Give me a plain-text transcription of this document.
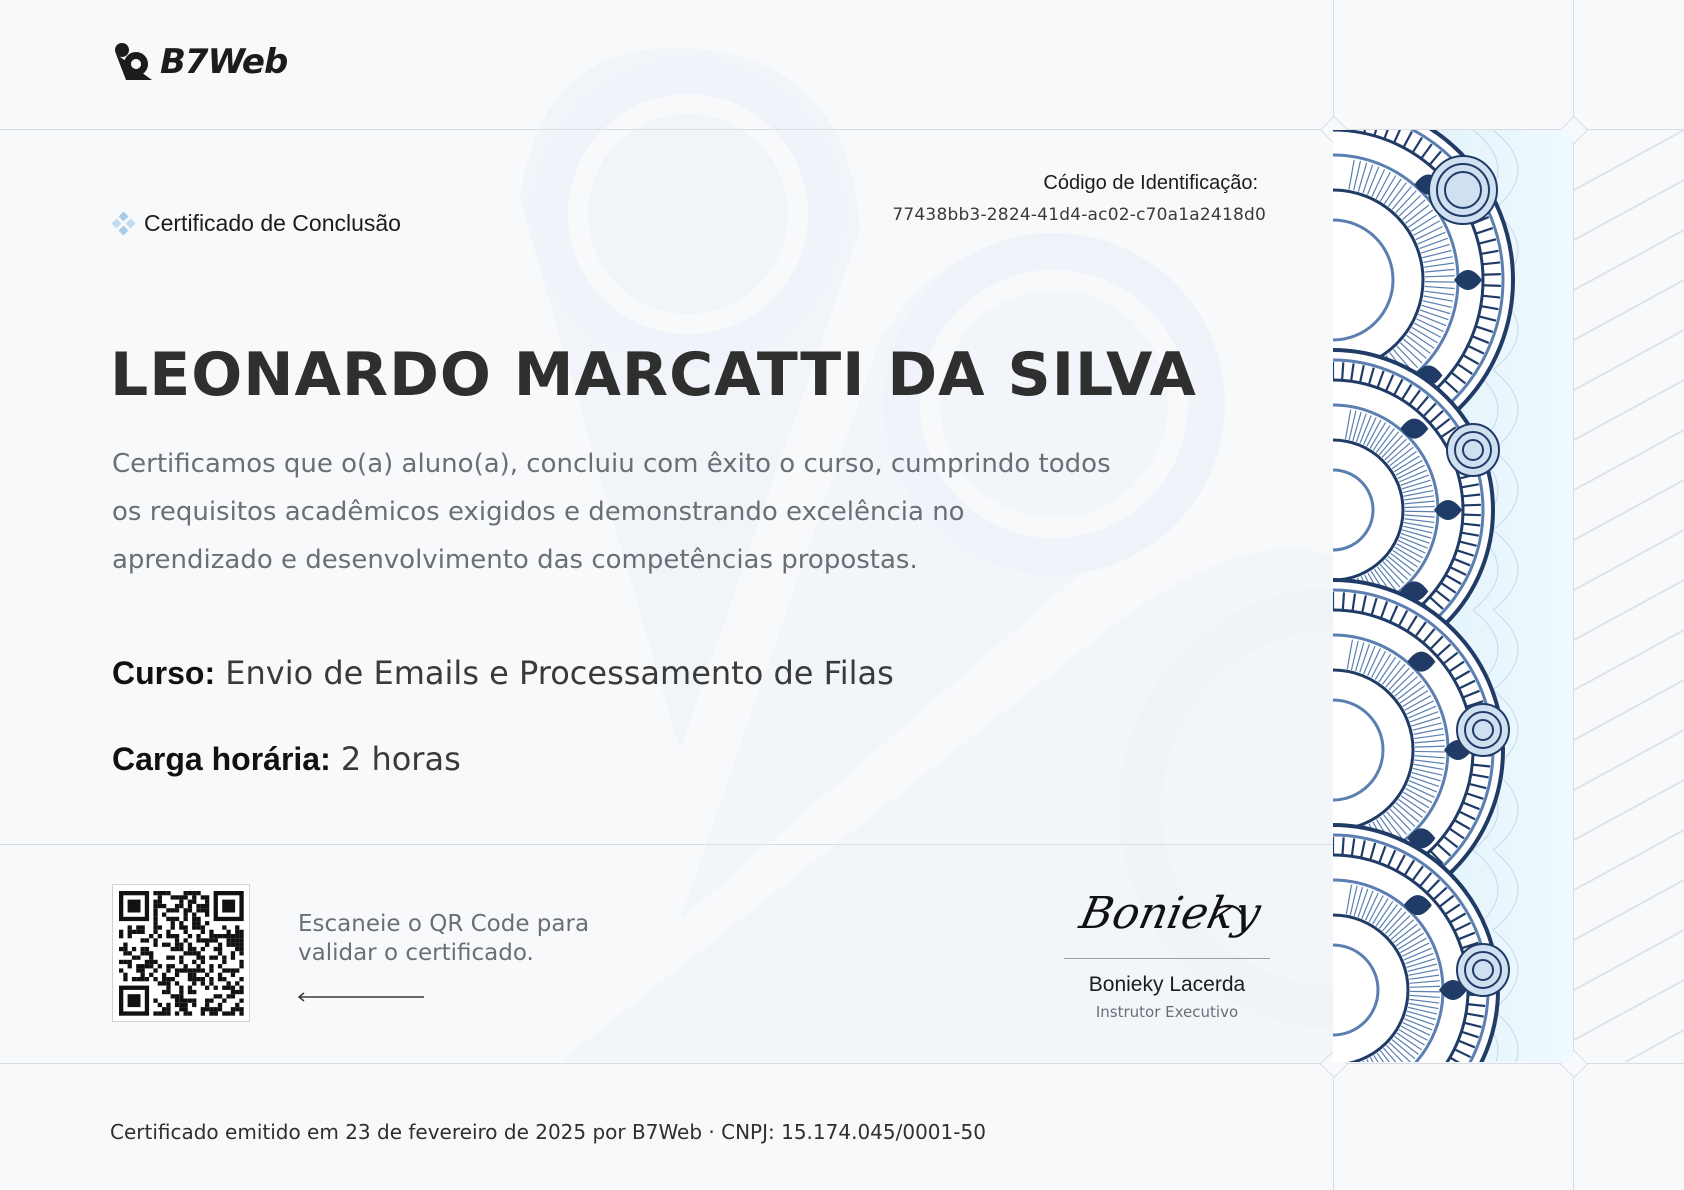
B7Web
Certificado de Conclusão
Código de Identificação:
77438bb3-2824-41d4-ac02-c70a1a2418d0
LEONARDO MARCATTI DA SILVA
Certificamos que o(a) aluno(a), concluiu com êxito o curso, cumprindo todos os requisitos acadêmicos exigidos e demonstrando excelência no aprendizado e desenvolvimento das competências propostas.
Curso: Envio de Emails e Processamento de Filas
Carga horária: 2 horas
Escaneie o QR Code para validar o certificado.
Bonieky
Bonieky Lacerda
Instrutor Executivo
Certificado emitido em 23 de fevereiro de 2025 por B7Web · CNPJ: 15.174.045/0001-50
